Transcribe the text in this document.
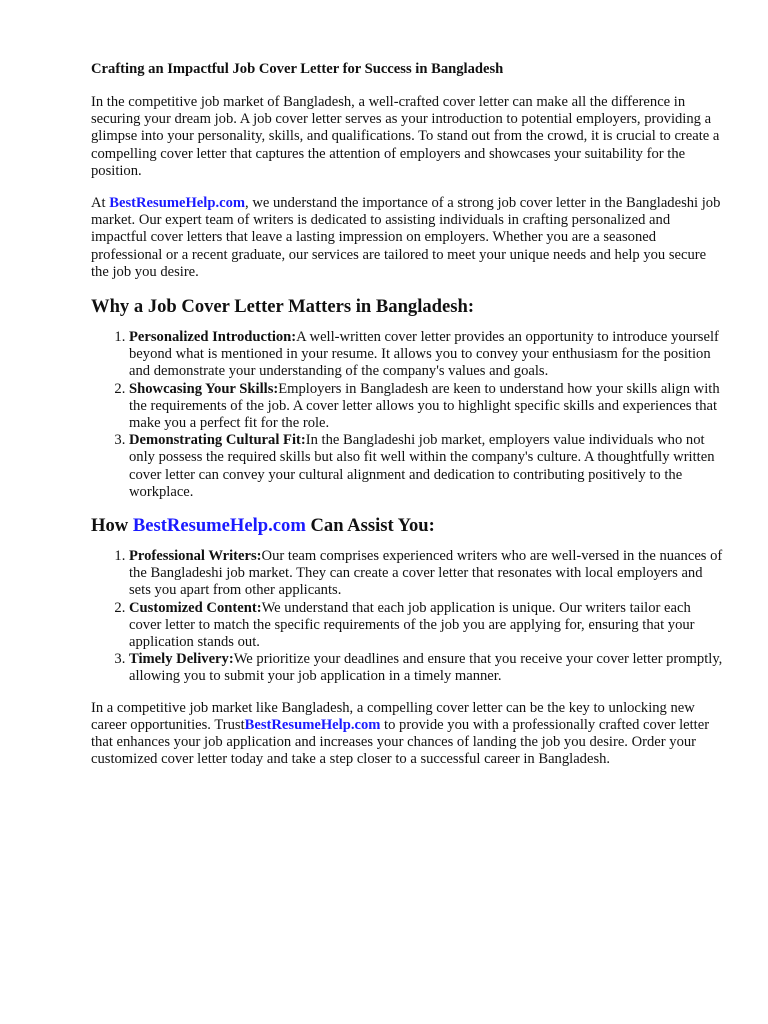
Crafting an Impactful Job Cover Letter for Success in Bangladesh

In the competitive job market of Bangladesh, a well-crafted cover letter can make all the difference in securing your dream job. A job cover letter serves as your introduction to potential employers, providing a glimpse into your personality, skills, and qualifications. To stand out from the crowd, it is crucial to create a compelling cover letter that captures the attention of employers and showcases your suitability for the position.

At BestResumeHelp.com, we understand the importance of a strong job cover letter in the Bangladeshi job market. Our expert team of writers is dedicated to assisting individuals in crafting personalized and impactful cover letters that leave a lasting impression on employers. Whether you are a seasoned professional or a recent graduate, our services are tailored to meet your unique needs and help you secure the job you desire.

Why a Job Cover Letter Matters in Bangladesh:
1. Personalized Introduction:A well-written cover letter provides an opportunity to introduce yourself beyond what is mentioned in your resume. It allows you to convey your enthusiasm for the position and demonstrate your understanding of the company's values and goals.
2. Showcasing Your Skills:Employers in Bangladesh are keen to understand how your skills align with the requirements of the job. A cover letter allows you to highlight specific skills and experiences that make you a perfect fit for the role.
3. Demonstrating Cultural Fit:In the Bangladeshi job market, employers value individuals who not only possess the required skills but also fit well within the company's culture. A thoughtfully written cover letter can convey your cultural alignment and dedication to contributing positively to the workplace.
How BestResumeHelp.com Can Assist You:
1. Professional Writers:Our team comprises experienced writers who are well-versed in the nuances of the Bangladeshi job market. They can create a cover letter that resonates with local employers and sets you apart from other applicants.
2. Customized Content:We understand that each job application is unique. Our writers tailor each cover letter to match the specific requirements of the job you are applying for, ensuring that your application stands out.
3. Timely Delivery:We prioritize your deadlines and ensure that you receive your cover letter promptly, allowing you to submit your job application in a timely manner.

In a competitive job market like Bangladesh, a compelling cover letter can be the key to unlocking new career opportunities. TrustBestResumeHelp.com to provide you with a professionally crafted cover letter that enhances your job application and increases your chances of landing the job you desire. Order your customized cover letter today and take a step closer to a successful career in Bangladesh.
